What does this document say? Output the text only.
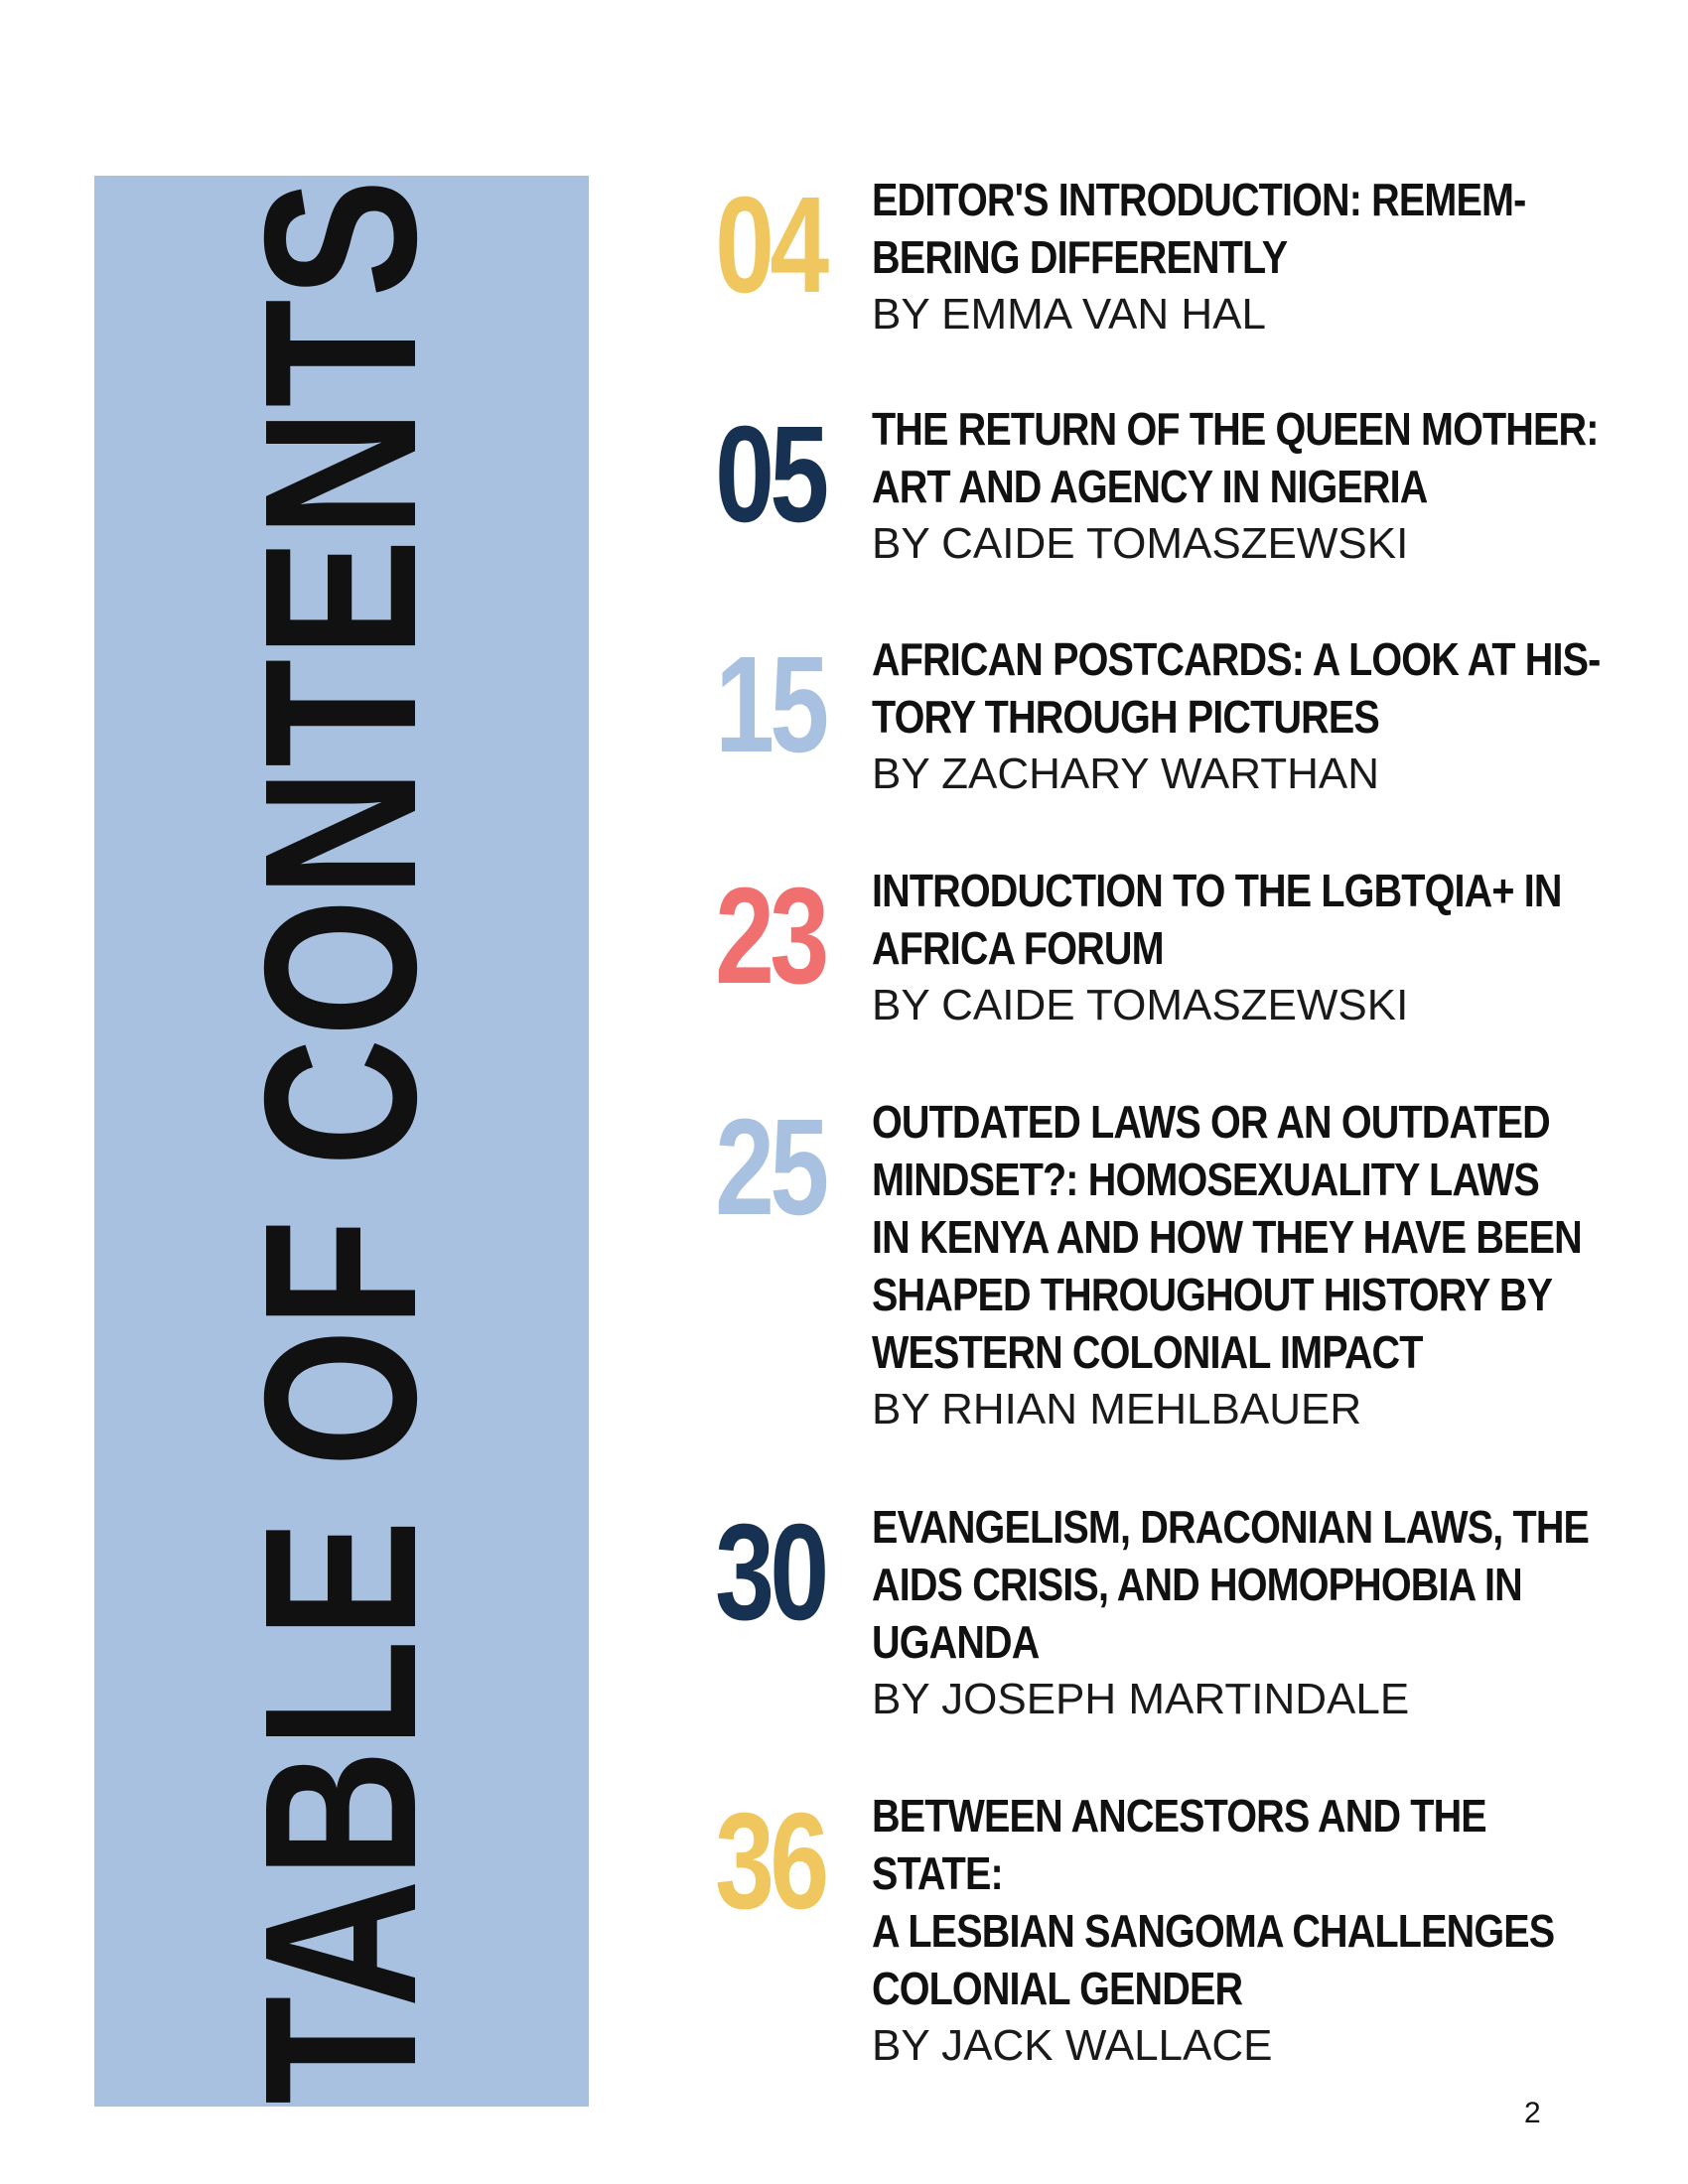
TABLE OF CONTENTS	04 EDITOR'S INTRODUCTION: REMEM-
BERING DIFFERENTLY
BY EMMA VAN HAL
05 THE RETURN OF THE QUEEN MOTHER:
ART AND AGENCY IN NIGERIA
BY CAIDE TOMASZEWSKI
15 AFRICAN POSTCARDS: A LOOK AT HIS-
TORY THROUGH PICTURES
BY ZACHARY WARTHAN
23 INTRODUCTION TO THE LGBTQIA+ IN
AFRICA FORUM
BY CAIDE TOMASZEWSKI
25 OUTDATED LAWS OR AN OUTDATED
MINDSET?: HOMOSEXUALITY LAWS
IN KENYA AND HOW THEY HAVE BEEN
SHAPED THROUGHOUT HISTORY BY
WESTERN COLONIAL IMPACT
BY RHIAN MEHLBAUER
30 EVANGELISM, DRACONIAN LAWS, THE
AIDS CRISIS, AND HOMOPHOBIA IN
UGANDA
BY JOSEPH MARTINDALE
36 BETWEEN ANCESTORS AND THE STATE:
A LESBIAN SANGOMA CHALLENGES
COLONIAL GENDER
BY JACK WALLACE
2
